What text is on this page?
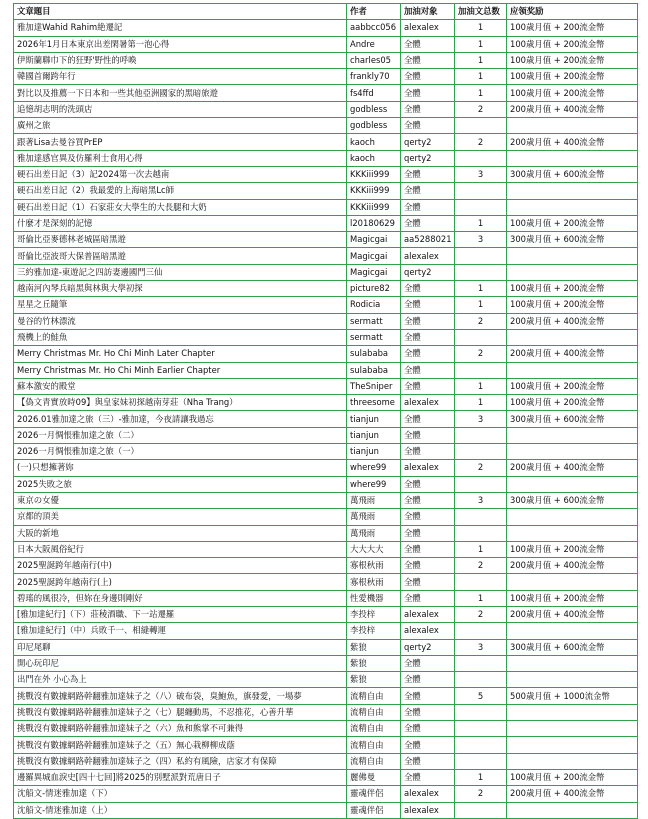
文章題目	作者	加油对象	加油文总数	应领奖励
雅加達Wahid Rahim絶遷記	aabbcc056	alexalex	1	100歳月值 + 200流金幣
2026年1月日本東京出差閑暑第一泡心得	Andre	全體	1	100歳月值 + 200流金幣
伊斯蘭聯巾下的狂野'野性的呼喚	charles05	全體	1	100歳月值 + 200流金幣
韓國首爾跨年行	frankly70	全體	1	100歳月值 + 200流金幣
對比以及推薦一下日本和一些其他亞洲國家的黑暗旅遊	fs4ffd	全體	1	100歳月值 + 200流金幣
追憶胡志明的洗頭店	godbless	全體	2	200歳月值 + 400流金幣
廣州之旅	godbless	全體		
跟著Lisa去曼谷買PrEP	kaoch	qerty2	2	200歳月值 + 400流金幣
雅加達感官異及仿羅利士食用心得	kaoch	qerty2		
硬石出差日記（3）記2024第一次去越南	KKKiii999	全體	3	300歳月值 + 600流金幣
硬石出差日記（2）我最愛的上海暗黑Lc師	KKKiii999	全體		
硬石出差日記（1）石家莊女大學生的大長腿和大奶	KKKiii999	全體		
什麼才是深刻的記憶	l20180629	全體	1	100歳月值 + 200流金幣
哥倫比亞麥德林老城區暗黑遊	Magicgai	aa5288021	3	300歳月值 + 600流金幣
哥倫比亞波哥大保普區暗黑遊	Magicgai	alexalex		
三約雅加達-東遊記之四訪妻邊國門三仙	Magicgai	qerty2		
越南河內琴兵暗黑與林與大學初探	picture82	全體	1	100歳月值 + 200流金幣
星星之丘隨筆	Rodicia	全體	1	100歳月值 + 200流金幣
曼谷的竹林漂流	sermatt	全體	2	200歳月值 + 400流金幣
飛機上的鮭魚	sermatt	全體		
Merry Christmas Mr. Ho Chi Minh Later Chapter	sulababa	全體	2	200歳月值 + 400流金幣
Merry Christmas Mr. Ho Chi Minh Earlier Chapter	sulababa	全體		
蘇本激安的殿堂	TheSniper	全體	1	100歳月值 + 200流金幣
【偽文青實放時09】與皇家妹初探越南芽莊（Nha Trang）	threesome	alexalex	1	100歳月值 + 200流金幣
2026.01雅加達之旅（三）-雅加達，今夜請讓我過忘	tianjun	全體	3	300歳月值 + 600流金幣
2026一月惆悵雅加達之旅（二）	tianjun	全體		
2026一月惆悵雅加達之旅（一）	tianjun	全體		
(一)只想擁著妳	where99	alexalex	2	200歳月值 + 400流金幣
2025失敗之旅	where99	全體		
東京の女優	萬飛雨	全體	3	300歳月值 + 600流金幣
京都的頂美	萬飛雨	全體		
大阪的新地	萬飛雨	全體		
日本大阪風俗紀行	大大大大	全體	1	100歳月值 + 200流金幣
2025聖誕跨年越南行(中)	寡根秋雨	全體	2	200歳月值 + 400流金幣
2025聖誕跨年越南行(上)	寡根秋雨	全體		
碧瑤的風很冷，但妳在身邊則剛好	性愛機器	全體	1	100歳月值 + 200流金幣
[雅加達紀行]（下）莊稜酒職、下一站遷羅	李投梓	alexalex	2	200歳月值 + 400流金幣
[雅加達紀行]（中）兵敗千一、相縫轉運	李投梓	alexalex		
印尼尾聊	紫狼	qerty2	3	300歳月值 + 600流金幣
開心玩印尼	紫狼	全體		
出門在外 小心為上	紫狼	全體		
挑戰沒有數據網路幹翻雅加達妹子之（八）破布袋，臭鮑魚，旗發愛，一場夢	流精自由	全體	5	500歳月值 + 1000流金幣
挑戰沒有數據網路幹翻雅加達妹子之（七）腿纏動馬，不忍推花，心善升華	流精自由	全體		
挑戰沒有數據網路幹翻雅加達妹子之（六）魚和熊掌不可兼得	流精自由	全體		
挑戰沒有數據網路幹翻雅加達妹子之（五）無心栽柳柳成蔭	流精自由	全體		
挑戰沒有數據網路幹翻雅加達妹子之（四）私約有風險，店家才有保障	流精自由	全體		
邊羅異城血淚史[四十七回]將2025的別墅派對荒唐日子	麗佛曼	全體	1	100歳月值 + 200流金幣
沈船文-情迷雅加達（下）	靈魂伴侶	alexalex	2	200歳月值 + 400流金幣
沈船文-情迷雅加達（上）	靈魂伴侶	alexalex		
